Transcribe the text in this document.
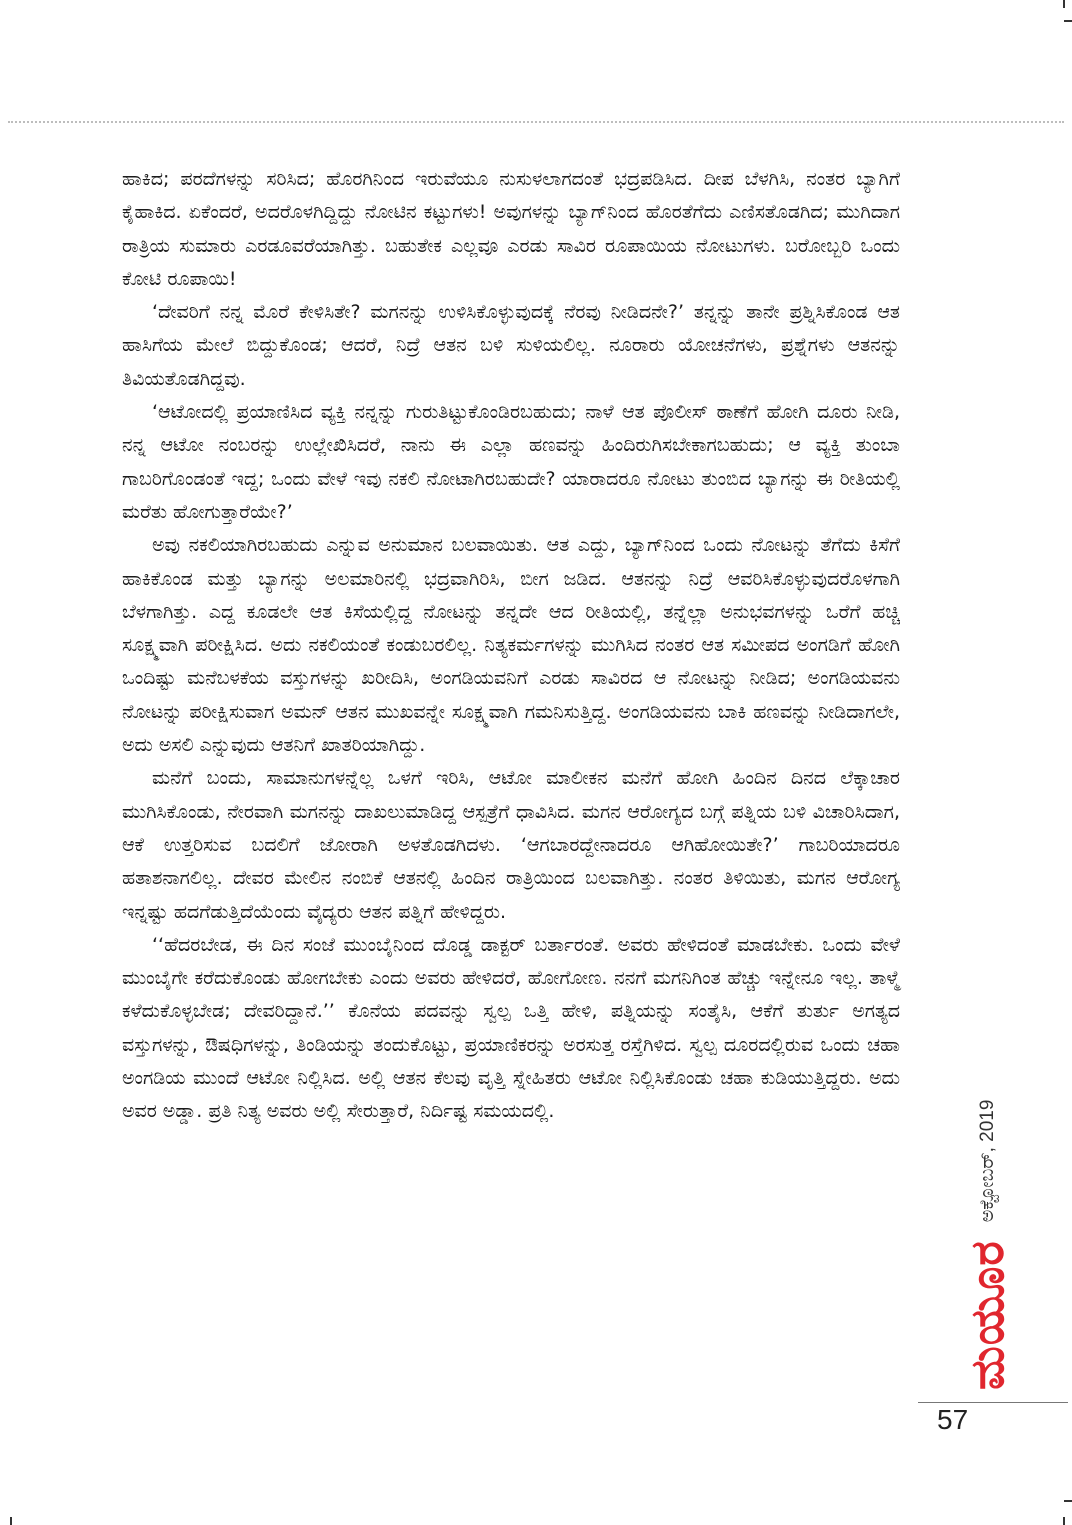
ಹಾಕಿದ; ಪರದೆಗಳನ್ನು ಸರಿಸಿದ; ಹೊರಗಿನಿಂದ ಇರುವೆಯೂ ನುಸುಳಲಾಗದಂತೆ ಭದ್ರಪಡಿಸಿದ. ದೀಪ ಬೆಳಗಿಸಿ, ನಂತರ ಬ್ಯಾಗಿಗೆ ಕೈಹಾಕಿದ. ಏಕೆಂದರೆ, ಅದರೊಳಗಿದ್ದಿದ್ದು ನೋಟಿನ ಕಟ್ಟುಗಳು! ಅವುಗಳನ್ನು ಬ್ಯಾಗ್‌ನಿಂದ ಹೊರತೆಗೆದು ಎಣಿಸತೊಡಗಿದ; ಮುಗಿದಾಗ ರಾತ್ರಿಯ ಸುಮಾರು ಎರಡೂವರೆಯಾಗಿತ್ತು. ಬಹುತೇಕ ಎಲ್ಲವೂ ಎರಡು ಸಾವಿರ ರೂಪಾಯಿಯ ನೋಟುಗಳು. ಬರೋಬ್ಬರಿ ಒಂದು ಕೋಟಿ ರೂಪಾಯಿ!

‘ದೇವರಿಗೆ ನನ್ನ ಮೊರೆ ಕೇಳಿಸಿತೇ? ಮಗನನ್ನು ಉಳಿಸಿಕೊಳ್ಳುವುದಕ್ಕೆ ನೆರವು ನೀಡಿದನೇ?’ ತನ್ನನ್ನು ತಾನೇ ಪ್ರಶ್ನಿಸಿಕೊಂಡ ಆತ ಹಾಸಿಗೆಯ ಮೇಲೆ ಬಿದ್ದುಕೊಂಡ; ಆದರೆ, ನಿದ್ರೆ ಆತನ ಬಳಿ ಸುಳಿಯಲಿಲ್ಲ. ನೂರಾರು ಯೋಚನೆಗಳು, ಪ್ರಶ್ನೆಗಳು ಆತನನ್ನು ತಿವಿಯತೊಡಗಿದ್ದವು.

‘ಆಟೋದಲ್ಲಿ ಪ್ರಯಾಣಿಸಿದ ವ್ಯಕ್ತಿ ನನ್ನನ್ನು ಗುರುತಿಟ್ಟುಕೊಂಡಿರಬಹುದು; ನಾಳೆ ಆತ ಪೊಲೀಸ್ ಠಾಣೆಗೆ ಹೋಗಿ ದೂರು ನೀಡಿ, ನನ್ನ ಆಟೋ ನಂಬರನ್ನು ಉಲ್ಲೇಖಿಸಿದರೆ, ನಾನು ಈ ಎಲ್ಲಾ ಹಣವನ್ನು ಹಿಂದಿರುಗಿಸಬೇಕಾಗಬಹುದು; ಆ ವ್ಯಕ್ತಿ ತುಂಬಾ ಗಾಬರಿಗೊಂಡಂತೆ ಇದ್ದ; ಒಂದು ವೇಳೆ ಇವು ನಕಲಿ ನೋಟಾಗಿರಬಹುದೇ? ಯಾರಾದರೂ ನೋಟು ತುಂಬಿದ ಬ್ಯಾಗನ್ನು ಈ ರೀತಿಯಲ್ಲಿ ಮರೆತು ಹೋಗುತ್ತಾರೆಯೇ?’

ಅವು ನಕಲಿಯಾಗಿರಬಹುದು ಎನ್ನುವ ಅನುಮಾನ ಬಲವಾಯಿತು. ಆತ ಎದ್ದು, ಬ್ಯಾಗ್‌ನಿಂದ ಒಂದು ನೋಟನ್ನು ತೆಗೆದು ಕಿಸೆಗೆ ಹಾಕಿಕೊಂಡ ಮತ್ತು ಬ್ಯಾಗನ್ನು ಅಲಮಾರಿನಲ್ಲಿ ಭದ್ರವಾಗಿರಿಸಿ, ಬೀಗ ಜಡಿದ. ಆತನನ್ನು ನಿದ್ರೆ ಆವರಿಸಿಕೊಳ್ಳುವುದರೊಳಗಾಗಿ ಬೆಳಗಾಗಿತ್ತು. ಎದ್ದ ಕೂಡಲೇ ಆತ ಕಿಸೆಯಲ್ಲಿದ್ದ ನೋಟನ್ನು ತನ್ನದೇ ಆದ ರೀತಿಯಲ್ಲಿ, ತನ್ನೆಲ್ಲಾ ಅನುಭವಗಳನ್ನು ಒರೆಗೆ ಹಚ್ಚಿ ಸೂಕ್ಷ್ಮವಾಗಿ ಪರೀಕ್ಷಿಸಿದ. ಅದು ನಕಲಿಯಂತೆ ಕಂಡುಬರಲಿಲ್ಲ. ನಿತ್ಯಕರ್ಮಗಳನ್ನು ಮುಗಿಸಿದ ನಂತರ ಆತ ಸಮೀಪದ ಅಂಗಡಿಗೆ ಹೋಗಿ ಒಂದಿಷ್ಟು ಮನೆಬಳಕೆಯ ವಸ್ತುಗಳನ್ನು ಖರೀದಿಸಿ, ಅಂಗಡಿಯವನಿಗೆ ಎರಡು ಸಾವಿರದ ಆ ನೋಟನ್ನು ನೀಡಿದ; ಅಂಗಡಿಯವನು ನೋಟನ್ನು ಪರೀಕ್ಷಿಸುವಾಗ ಅಮನ್ ಆತನ ಮುಖವನ್ನೇ ಸೂಕ್ಷ್ಮವಾಗಿ ಗಮನಿಸುತ್ತಿದ್ದ. ಅಂಗಡಿಯವನು ಬಾಕಿ ಹಣವನ್ನು ನೀಡಿದಾಗಲೇ, ಅದು ಅಸಲಿ ಎನ್ನುವುದು ಆತನಿಗೆ ಖಾತರಿಯಾಗಿದ್ದು.

ಮನೆಗೆ ಬಂದು, ಸಾಮಾನುಗಳನ್ನೆಲ್ಲ ಒಳಗೆ ಇರಿಸಿ, ಆಟೋ ಮಾಲೀಕನ ಮನೆಗೆ ಹೋಗಿ ಹಿಂದಿನ ದಿನದ ಲೆಕ್ಕಾಚಾರ ಮುಗಿಸಿಕೊಂಡು, ನೇರವಾಗಿ ಮಗನನ್ನು ದಾಖಲುಮಾಡಿದ್ದ ಆಸ್ಪತ್ರೆಗೆ ಧಾವಿಸಿದ. ಮಗನ ಆರೋಗ್ಯದ ಬಗ್ಗೆ ಪತ್ನಿಯ ಬಳಿ ವಿಚಾರಿಸಿದಾಗ, ಆಕೆ ಉತ್ತರಿಸುವ ಬದಲಿಗೆ ಜೋರಾಗಿ ಅಳತೊಡಗಿದಳು. ‘ಆಗಬಾರದ್ದೇನಾದರೂ ಆಗಿಹೋಯಿತೇ?’ ಗಾಬರಿಯಾದರೂ ಹತಾಶನಾಗಲಿಲ್ಲ. ದೇವರ ಮೇಲಿನ ನಂಬಿಕೆ ಆತನಲ್ಲಿ ಹಿಂದಿನ ರಾತ್ರಿಯಿಂದ ಬಲವಾಗಿತ್ತು. ನಂತರ ತಿಳಿಯಿತು, ಮಗನ ಆರೋಗ್ಯ ಇನ್ನಷ್ಟು ಹದಗೆಡುತ್ತಿದೆಯೆಂದು ವೈದ್ಯರು ಆತನ ಪತ್ನಿಗೆ ಹೇಳಿದ್ದರು.

‘‘ಹೆದರಬೇಡ, ಈ ದಿನ ಸಂಜೆ ಮುಂಬೈನಿಂದ ದೊಡ್ಡ ಡಾಕ್ಟರ್ ಬರ್ತಾರಂತೆ. ಅವರು ಹೇಳಿದಂತೆ ಮಾಡಬೇಕು. ಒಂದು ವೇಳೆ ಮುಂಬೈಗೇ ಕರೆದುಕೊಂಡು ಹೋಗಬೇಕು ಎಂದು ಅವರು ಹೇಳಿದರೆ, ಹೋಗೋಣ. ನನಗೆ ಮಗನಿಗಿಂತ ಹೆಚ್ಚು ಇನ್ನೇನೂ ಇಲ್ಲ. ತಾಳ್ಮೆ ಕಳೆದುಕೊಳ್ಳಬೇಡ; ದೇವರಿದ್ದಾನೆ.’’ ಕೊನೆಯ ಪದವನ್ನು ಸ್ವಲ್ಪ ಒತ್ತಿ ಹೇಳಿ, ಪತ್ನಿಯನ್ನು ಸಂತೈಸಿ, ಆಕೆಗೆ ತುರ್ತು ಅಗತ್ಯದ ವಸ್ತುಗಳನ್ನು, ಔಷಧಿಗಳನ್ನು, ತಿಂಡಿಯನ್ನು ತಂದುಕೊಟ್ಟು, ಪ್ರಯಾಣಿಕರನ್ನು ಅರಸುತ್ತ ರಸ್ತೆಗಿಳಿದ. ಸ್ವಲ್ಪ ದೂರದಲ್ಲಿರುವ ಒಂದು ಚಹಾ ಅಂಗಡಿಯ ಮುಂದೆ ಆಟೋ ನಿಲ್ಲಿಸಿದ. ಅಲ್ಲಿ ಆತನ ಕೆಲವು ವೃತ್ತಿ ಸ್ನೇಹಿತರು ಆಟೋ ನಿಲ್ಲಿಸಿಕೊಂಡು ಚಹಾ ಕುಡಿಯುತ್ತಿದ್ದರು. ಅದು ಅವರ ಅಡ್ಡಾ. ಪ್ರತಿ ನಿತ್ಯ ಅವರು ಅಲ್ಲಿ ಸೇರುತ್ತಾರೆ, ನಿರ್ದಿಷ್ಟ ಸಮಯದಲ್ಲಿ.

ಮಯೂರ
ಅಕ್ಟೋಬರ್, 2019
57
